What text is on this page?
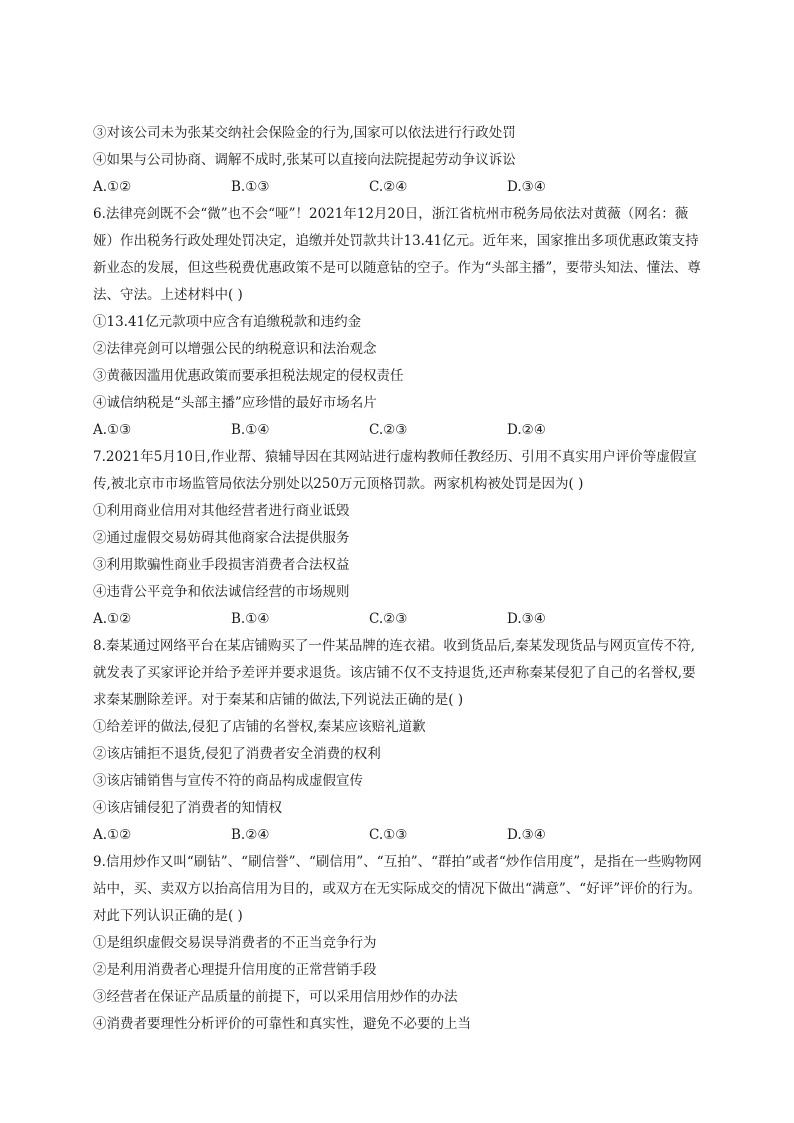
③对该公司未为张某交纳社会保险金的行为,国家可以依法进行行政处罚
④如果与公司协商、调解不成时,张某可以直接向法院提起劳动争议诉讼
A.①②	B.①③	C.②④	D.③④
6.法律亮剑既不会“微”也不会“哑”！2021年12月20日，浙江省杭州市税务局依法对黄薇（网名：薇娅）作出税务行政处理处罚决定，追缴并处罚款共计13.41亿元。近年来，国家推出多项优惠政策支持新业态的发展，但这些税费优惠政策不是可以随意钻的空子。作为“头部主播”，要带头知法、懂法、尊法、守法。上述材料中( )
①13.41亿元款项中应含有追缴税款和违约金
②法律亮剑可以增强公民的纳税意识和法治观念
③黄薇因滥用优惠政策而要承担税法规定的侵权责任
④诚信纳税是“头部主播”应珍惜的最好市场名片
A.①③	B.①④	C.②③	D.②④
7.2021年5月10日,作业帮、猿辅导因在其网站进行虚构教师任教经历、引用不真实用户评价等虚假宣传,被北京市市场监管局依法分别处以250万元顶格罚款。两家机构被处罚是因为( )
①利用商业信用对其他经营者进行商业诋毁
②通过虚假交易妨碍其他商家合法提供服务
③利用欺骗性商业手段损害消费者合法权益
④违背公平竞争和依法诚信经营的市场规则
A.①②	B.①④	C.②③	D.③④
8.秦某通过网络平台在某店铺购买了一件某品牌的连衣裙。收到货品后,秦某发现货品与网页宣传不符,就发表了买家评论并给予差评并要求退货。该店铺不仅不支持退货,还声称秦某侵犯了自己的名誉权,要求秦某删除差评。对于秦某和店铺的做法,下列说法正确的是( )
①给差评的做法,侵犯了店铺的名誉权,秦某应该赔礼道歉
②该店铺拒不退货,侵犯了消费者安全消费的权利
③该店铺销售与宣传不符的商品构成虚假宣传
④该店铺侵犯了消费者的知情权
A.①②	B.②④	C.①③	D.③④
9.信用炒作又叫“刷钻”、“刷信誉”、“刷信用”、“互拍”、“群拍”或者“炒作信用度”，是指在一些购物网站中，买、卖双方以抬高信用为目的，或双方在无实际成交的情况下做出“满意”、“好评”评价的行为。对此下列认识正确的是( )
①是组织虚假交易误导消费者的不正当竞争行为
②是利用消费者心理提升信用度的正常营销手段
③经营者在保证产品质量的前提下，可以采用信用炒作的办法
④消费者要理性分析评价的可靠性和真实性，避免不必要的上当
